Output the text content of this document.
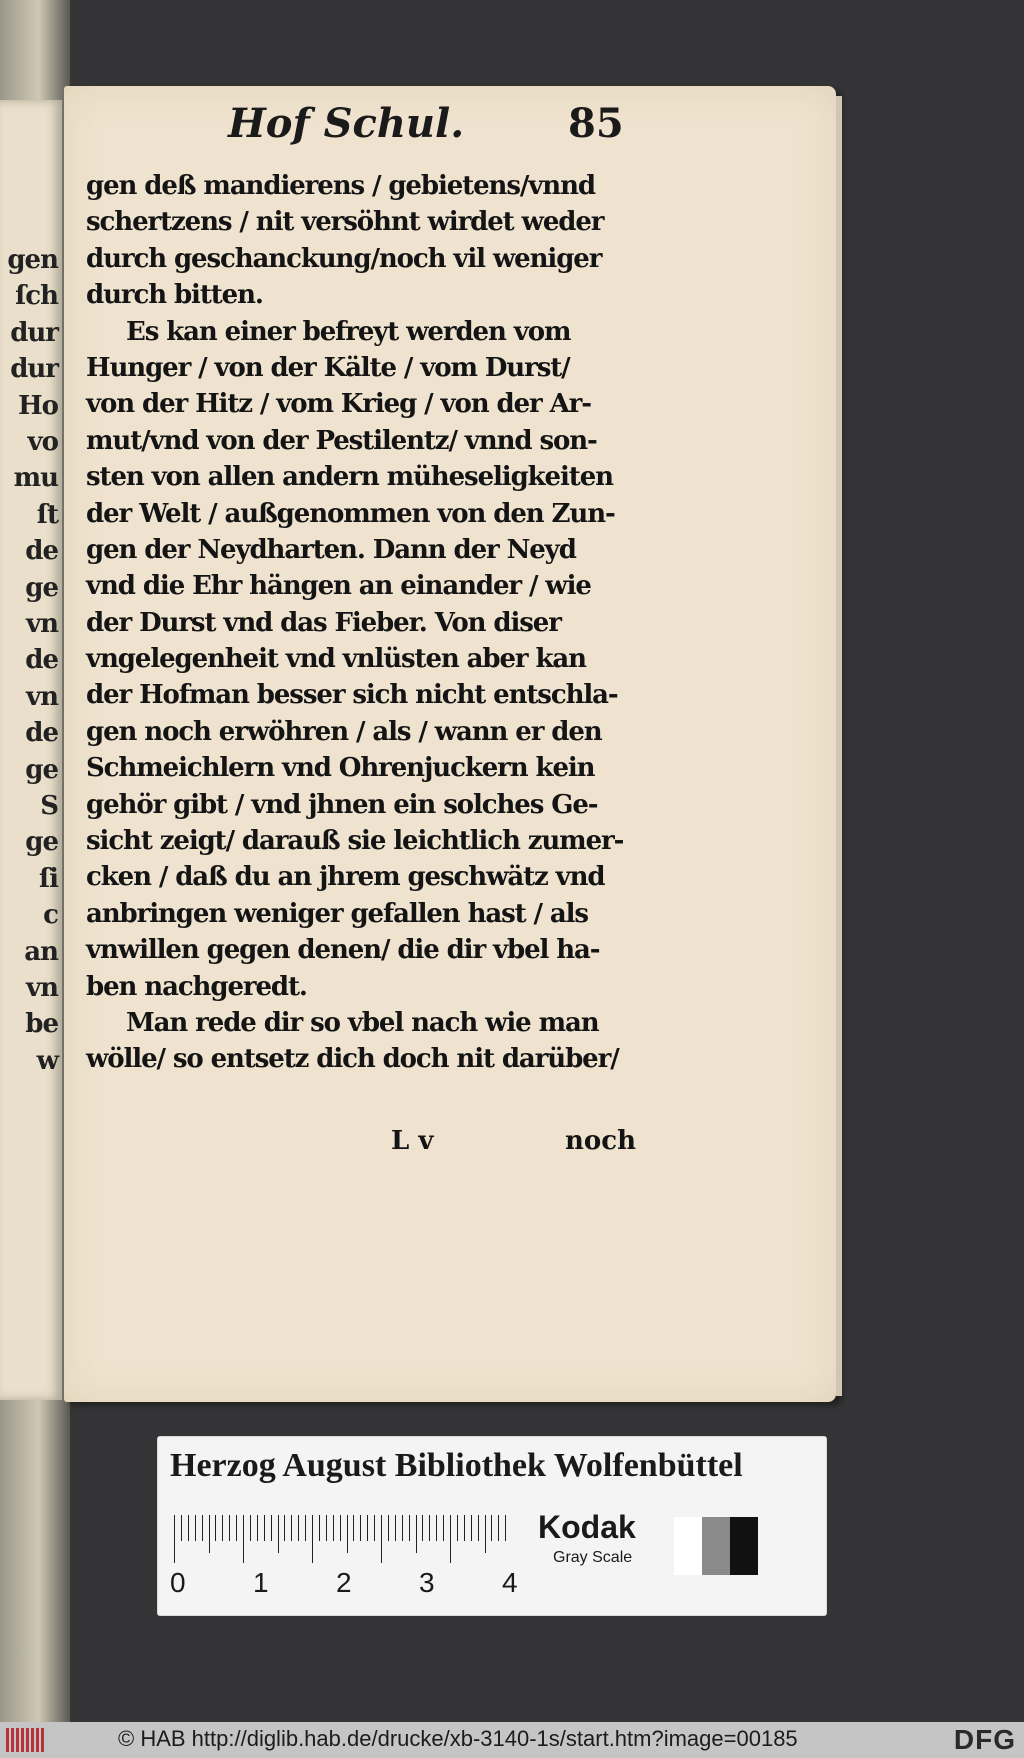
gen
ſch
dur
dur
Ho
vo
mu
ſt
de
ge
vn
de
vn
de
ge
S
ge
ſi
c
an
vn
be
w
Hof Schul.	85
gen deß mandierens / gebietens/vnnd
schertzens / nit versöhnt wirdet weder
durch geschanckung/noch vil weniger
durch bitten.
Es kan einer befreyt werden vom
Hunger / von der Kälte / vom Durst/
von der Hitz / vom Krieg / von der Ar-
mut/vnd von der Pestilentz/ vnnd son-
sten von allen andern müheseligkeiten
der Welt / außgenommen von den Zun-
gen der Neydharten. Dann der Neyd
vnd die Ehr hängen an einander / wie
der Durst vnd das Fieber. Von diser
vngelegenheit vnd vnlüsten aber kan
der Hofman besser sich nicht entschla-
gen noch erwöhren / als / wann er den
Schmeichlern vnd Ohrenjuckern kein
gehör gibt / vnd jhnen ein solches Ge-
sicht zeigt/ darauß sie leichtlich zumer-
cken / daß du an jhrem geschwätz vnd
anbringen weniger gefallen hast / als
vnwillen gegen denen/ die dir vbel ha-
ben nachgeredt.
Man rede dir so vbel nach wie man
wölle/ so entsetz dich doch nit darüber/
L v	noch
Herzog August Bibliothek Wolfenbüttel
0 1 2 3 4
Kodak
Gray Scale
© HAB http://diglib.hab.de/drucke/xb-3140-1s/start.htm?image=00185	DFG
